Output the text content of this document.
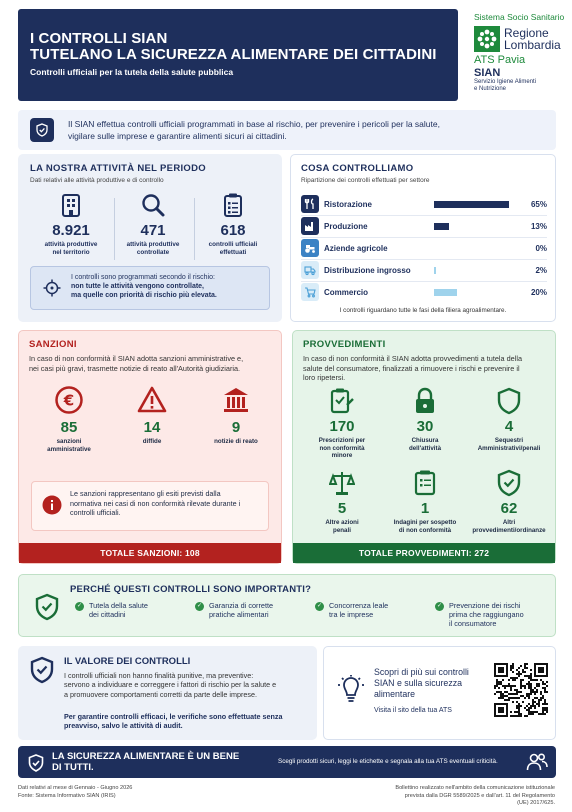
I CONTROLLI SIAN
TUTELANO LA SICUREZZA ALIMENTARE DEI CITTADINI
Controlli ufficiali per la tutela della salute pubblica
Sistema Socio Sanitario
Regione
Lombardia
ATS Pavia
SIAN
Servizio Igiene Alimenti
e Nutrizione
Il SIAN effettua controlli ufficiali programmati in base al rischio, per prevenire i pericoli per la salute,
vigilare sulle imprese e garantire alimenti sicuri ai cittadini.
LA NOSTRA ATTIVITÀ NEL PERIODO
Dati relativi alle attività produttive e di controllo
8.921
attività produttive
nel territorio
471
attività produttive
controllate
618
controlli ufficiali
effettuati
I controlli sono programmati secondo il rischio:
non tutte le attività vengono controllate,
ma quelle con priorità di rischio più elevata.
COSA CONTROLLIAMO
Ripartizione dei controlli effettuati per settore
Ristorazione	65%
Produzione	13%
Aziende agricole	0%
Distribuzione ingrosso	2%
Commercio	20%
I controlli riguardano tutte le fasi della filiera agroalimentare.
SANZIONI
In caso di non conformità il SIAN adotta sanzioni amministrative e,
nei casi più gravi, trasmette notizie di reato all'Autorità giudiziaria.
€
85
sanzioni
amministrative
14
diffide
9
notizie di reato
Le sanzioni rappresentano gli esiti previsti dalla
normativa nei casi di non conformità rilevate durante i
controlli ufficiali.
TOTALE SANZIONI: 108
PROVVEDIMENTI
In caso di non conformità il SIAN adotta provvedimenti a tutela della
salute del consumatore, finalizzati a rimuovere i rischi e prevenire il
loro ripetersi.
170
Prescrizioni per
non conformità
minore
30
Chiusura
dell'attività
4
Sequestri
Amministrativi/penali
5
Altre azioni
penali
1
Indagini per sospetto
di non conformità
62
Altri
provvedimenti/ordinanze
TOTALE PROVVEDIMENTI: 272
PERCHÉ QUESTI CONTROLLI SONO IMPORTANTI?
✓ Tutela della salute
dei cittadini
✓ Garanzia di corrette
pratiche alimentari
✓ Concorrenza leale
tra le imprese
✓ Prevenzione dei rischi
prima che raggiungano
il consumatore
IL VALORE DEI CONTROLLI
I controlli ufficiali non hanno finalità punitive, ma preventive:
servono a individuare e correggere i fattori di rischio per la salute e
a promuovere comportamenti corretti da parte delle imprese.
Per garantire controlli efficaci, le verifiche sono effettuate senza
preavviso, salvo le attività di audit.
Scopri di più sui controlli
SIAN e sulla sicurezza
alimentare
Visita il sito della tua ATS
LA SICUREZZA ALIMENTARE È UN BENE
DI TUTTI.
Scegli prodotti sicuri, leggi le etichette e segnala alla tua ATS eventuali criticità.
Dati relativi al mese di Gennaio - Giugno 2026
Fonte: Sistema Informativo SIAN (IRIS)
Bollettino realizzato nell'ambito della comunicazione istituzionale
prevista dalla DGR 5589/2025 e dall'art. 11 del Regolamento (UE) 2017/625.
